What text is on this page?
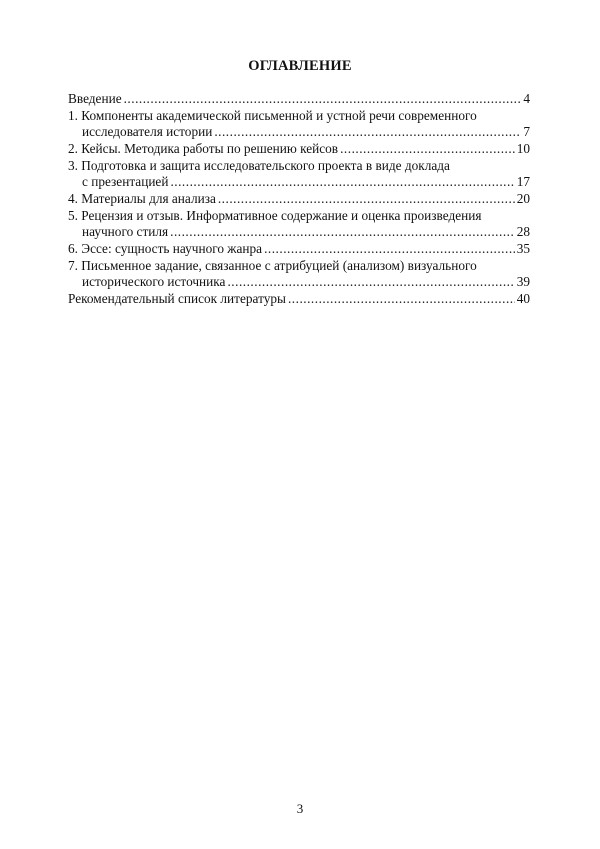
ОГЛАВЛЕНИЕ
Введение .....	4
1. Компоненты академической письменной и устной речи современного
исследователя истории .....	7
2. Кейсы. Методика работы по решению кейсов .....	10
3. Подготовка и защита исследовательского проекта в виде доклада
с презентацией .....	17
4. Материалы для анализа .....	20
5. Рецензия и отзыв. Информативное содержание и оценка произведения
научного стиля .....	28
6. Эссе: сущность научного жанра .....	35
7. Письменное задание, связанное с атрибуцией (анализом) визуального
исторического источника .....	39
Рекомендательный список литературы .....	40
3
